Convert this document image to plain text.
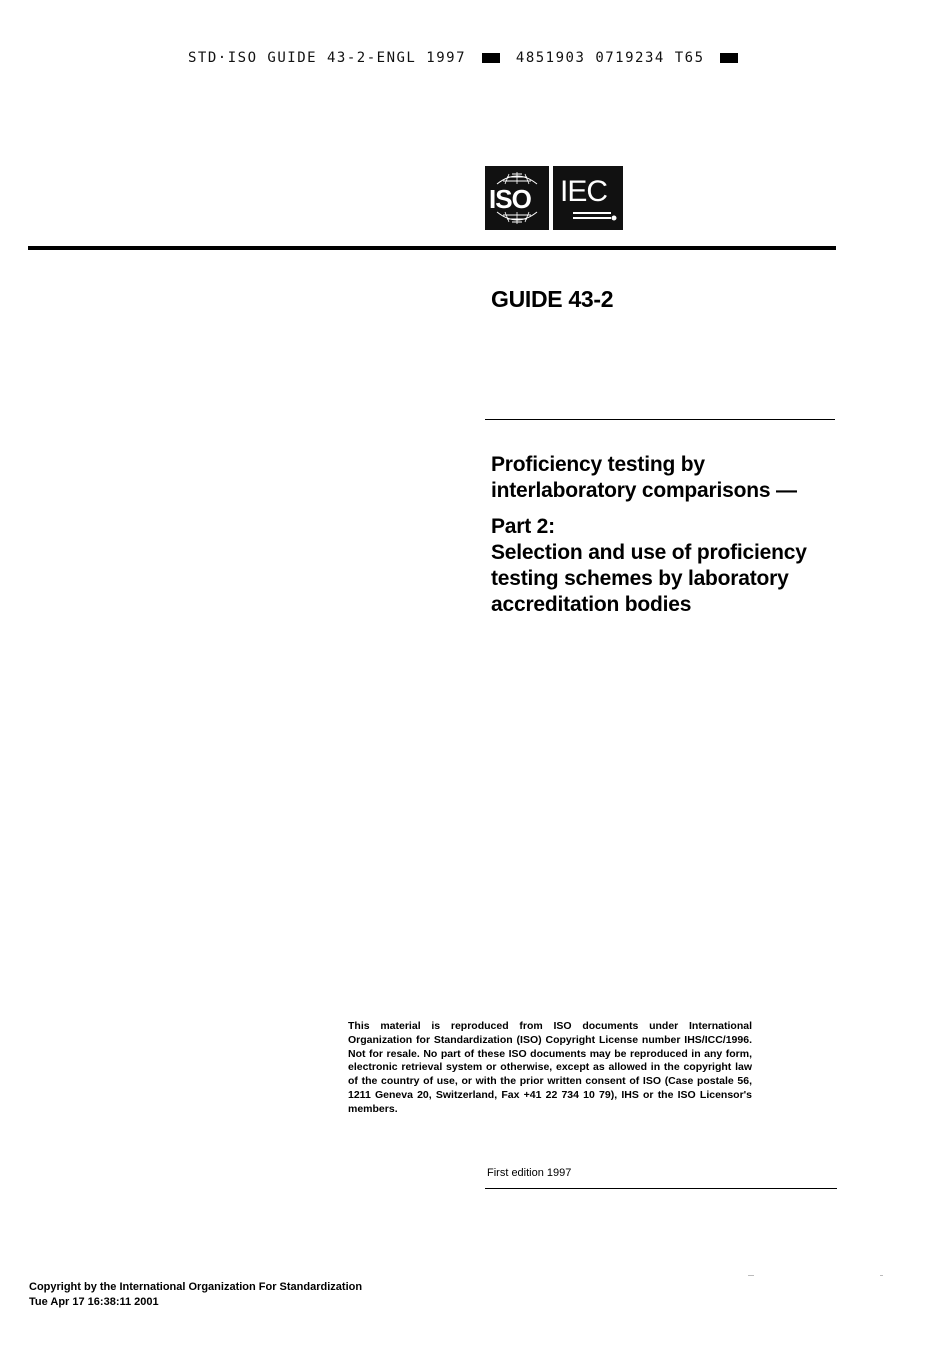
STD·ISO GUIDE 43-2-ENGL 1997	4851903 0719234 T65
ISO IEC
GUIDE 43-2

Proficiency testing by

interlaboratory comparisons —

Part 2:

Selection and use of proficiency

testing schemes by laboratory

accreditation bodies

This material is reproduced from ISO documents under International Organization for Standardization (ISO) Copyright License number IHS/ICC/1996. Not for resale. No part of these ISO documents may be reproduced in any form, electronic retrieval system or otherwise, except as allowed in the copyright law of the country of use, or with the prior written consent of ISO (Case postale 56, 1211 Geneva 20, Switzerland, Fax +41 22 734 10 79), IHS or the ISO Licensor's members.
First edition 1997
Copyright by the International Organization For Standardization
Tue Apr 17 16:38:11 2001
